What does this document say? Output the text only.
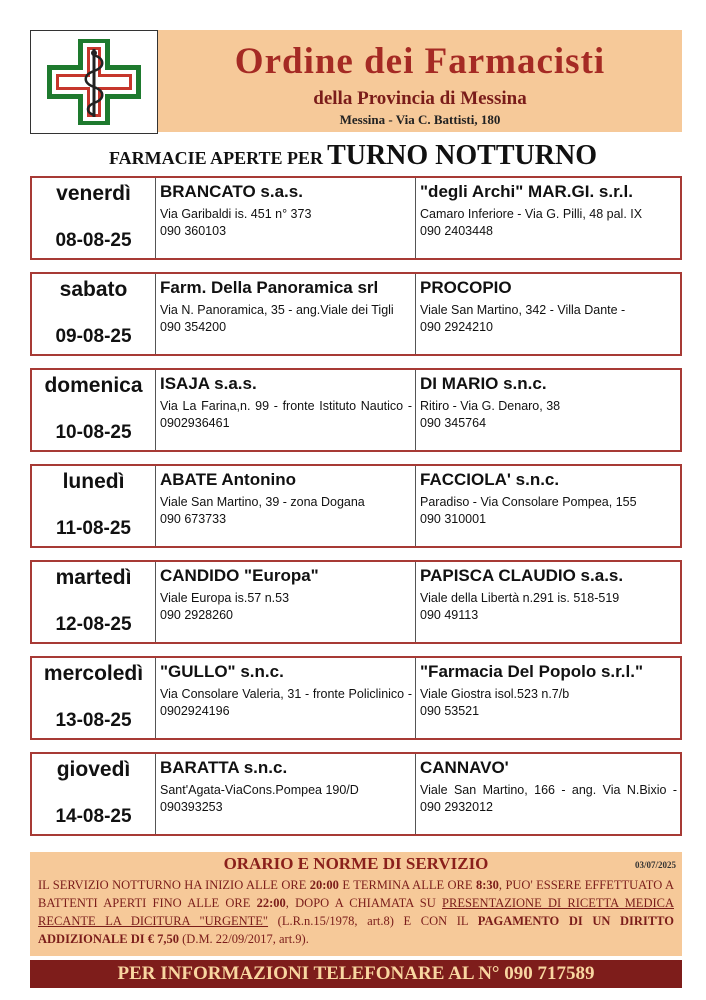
Ordine dei Farmacisti
della Provincia di Messina
Messina - Via C. Battisti, 180
FARMACIE APERTE PER TURNO NOTTURNO
venerdì
08-08-25
BRANCATO s.a.s.
Via Garibaldi is. 451 n° 373
090 360103
"degli Archi" MAR.GI. s.r.l.
Camaro Inferiore - Via G. Pilli, 48 pal. IX
090 2403448
sabato
09-08-25
Farm. Della Panoramica srl
Via N. Panoramica, 35 - ang.Viale dei Tigli
090 354200
PROCOPIO
Viale San Martino, 342 - Villa Dante -
090 2924210
domenica
10-08-25
ISAJA s.a.s.
Via La Farina,n. 99 - fronte Istituto Nautico - 0902936461
DI MARIO s.n.c.
Ritiro - Via G. Denaro, 38
090 345764
lunedì
11-08-25
ABATE Antonino
Viale San Martino, 39 - zona Dogana
090 673733
FACCIOLA' s.n.c.
Paradiso - Via Consolare Pompea, 155
090 310001
martedì
12-08-25
CANDIDO "Europa"
Viale Europa is.57 n.53
090 2928260
PAPISCA CLAUDIO s.a.s.
Viale della Libertà n.291 is. 518-519
090 49113
mercoledì
13-08-25
"GULLO" s.n.c.
Via Consolare Valeria, 31 - fronte Policlinico - 0902924196
"Farmacia Del Popolo s.r.l."
Viale Giostra isol.523 n.7/b
090 53521
giovedì
14-08-25
BARATTA s.n.c.
Sant'Agata-ViaCons.Pompea 190/D
090393253
CANNAVO'
Viale San Martino, 166 - ang. Via N.Bixio - 090 2932012
ORARIO E NORME DI SERVIZIO	03/07/2025
IL SERVIZIO NOTTURNO HA INIZIO ALLE ORE 20:00 E TERMINA ALLE ORE 8:30, PUO' ESSERE EFFETTUATO A BATTENTI APERTI FINO ALLE ORE 22:00, DOPO A CHIAMATA SU PRESENTAZIONE DI RICETTA MEDICA RECANTE LA DICITURA "URGENTE" (L.R.n.15/1978, art.8) E CON IL PAGAMENTO DI UN DIRITTO ADDIZIONALE DI € 7,50 (D.M. 22/09/2017, art.9).
PER INFORMAZIONI TELEFONARE AL N° 090 717589
